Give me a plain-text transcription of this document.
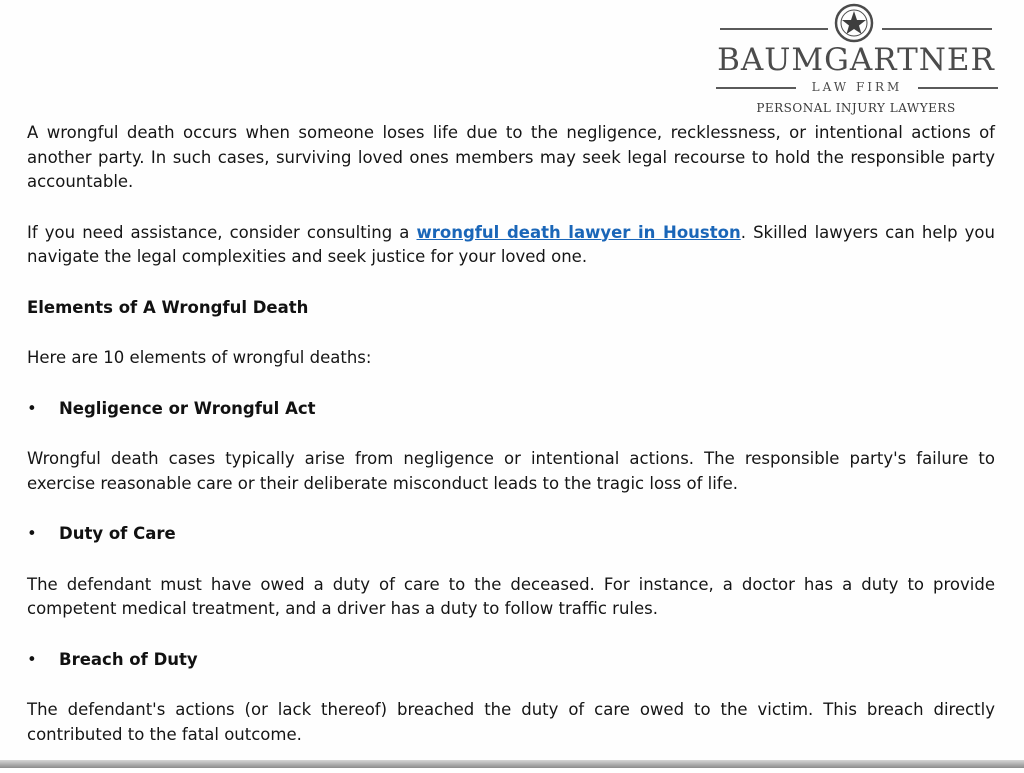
BAUMGARTNER
LAW FIRM
PERSONAL INJURY LAWYERS

A wrongful death occurs when someone loses life due to the negligence, recklessness, or intentional actions of another party. In such cases, surviving loved ones members may seek legal recourse to hold the responsible party accountable.

If you need assistance, consider consulting a wrongful death lawyer in Houston. Skilled lawyers can help you navigate the legal complexities and seek justice for your loved one.

Elements of A Wrongful Death

Here are 10 elements of wrongful deaths:

•	Negligence or Wrongful Act

Wrongful death cases typically arise from negligence or intentional actions. The responsible party's failure to exercise reasonable care or their deliberate misconduct leads to the tragic loss of life.

•	Duty of Care

The defendant must have owed a duty of care to the deceased. For instance, a doctor has a duty to provide competent medical treatment, and a driver has a duty to follow traffic rules.

•	Breach of Duty

The defendant's actions (or lack thereof) breached the duty of care owed to the victim. This breach directly contributed to the fatal outcome.
